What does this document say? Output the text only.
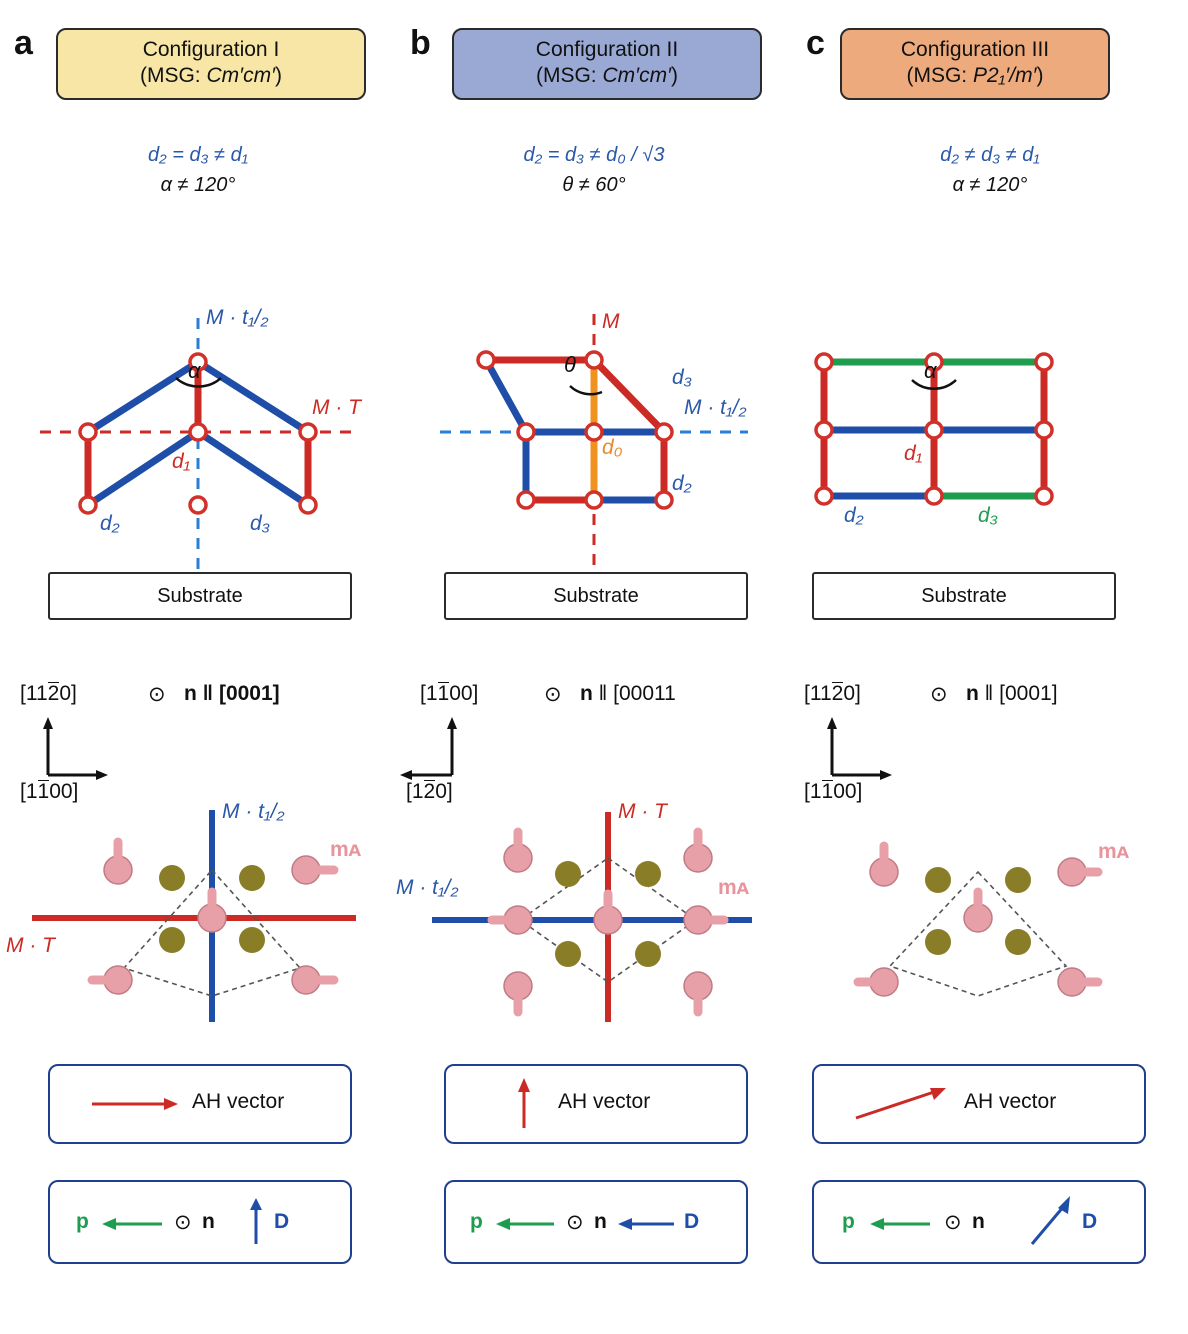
a	Configuration I
(MSG: Cm′cm′)
d₂ = d₃ ≠ d₁
α ≠ 120°
M · t₁/₂
M · T
α
d₁
d₂	d₃
Substrate
[1120]
[1100]
⊙ n ‖ [0001]
M · t₁/₂
M · T
mᴀ
AH vector
p	⊙ n	D
b	Configuration II
(MSG: Cm′cm′)
d₂ = d₃ ≠ d₀ / √3
θ ≠ 60°
M
M · t₁/₂
θ
d₀
d₂
d₃
Substrate
[1100]
[120]
⊙ n ‖ [00011
M · T
M · t₁/₂	mᴀ
AH vector
p	⊙ n	D
c	Configuration III
(MSG: P2₁′/m′)
d₂ ≠ d₃ ≠ d₁
α ≠ 120°
α
d₁
d₂	d₃
Substrate
[1120]
[1100]
⊙ n ‖ [0001]
mᴀ
AH vector
p	⊙ n	D
